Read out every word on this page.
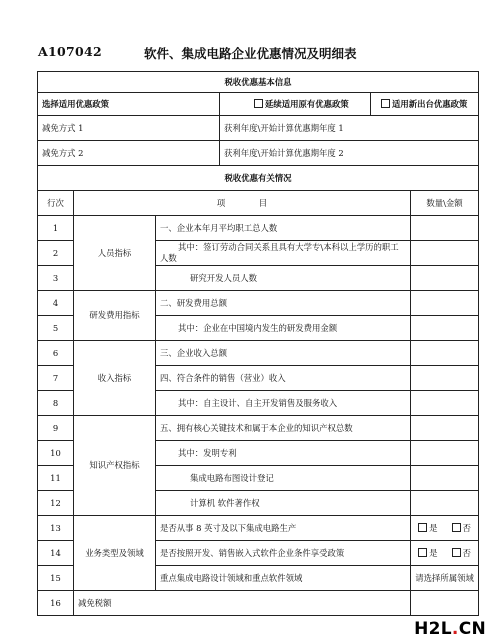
A107042	软件、集成电路企业优惠情况及明细表
税收优惠基本信息					
选择适用优惠政策			延续适用原有优惠政策	适用新出台优惠政策	
减免方式 1			获利年度\开始计算优惠期年度 1		
减免方式 2			获利年度\开始计算优惠期年度 2		
税收优惠有关情况					
行次	项　　　　目				数量\金额
1	人员指标	一、企业本年月平均职工总人数			
2		其中：签订劳动合同关系且具有大学专\本科以上学历的职工人数			
3		研究开发人员人数			
4	研发费用指标	二、研发费用总额			
5		其中：企业在中国境内发生的研发费用金额			
6	收入指标	三、企业收入总额			
7		四、符合条件的销售（营业）收入			
8		其中：自主设计、自主开发销售及服务收入			
9	知识产权指标	五、拥有核心关键技术和属于本企业的知识产权总数			
10		其中：发明专利			
11		集成电路布图设计登记			
12		计算机 软件著作权			
13	业务类型及领域	是否从事 8 英寸及以下集成电路生产			是 否
14		是否按照开发、销售嵌入式软件企业条件享受政策			是 否
15		重点集成电路设计领域和重点软件领域			请选择所属领域
16	减免税额				
H2L.CN
